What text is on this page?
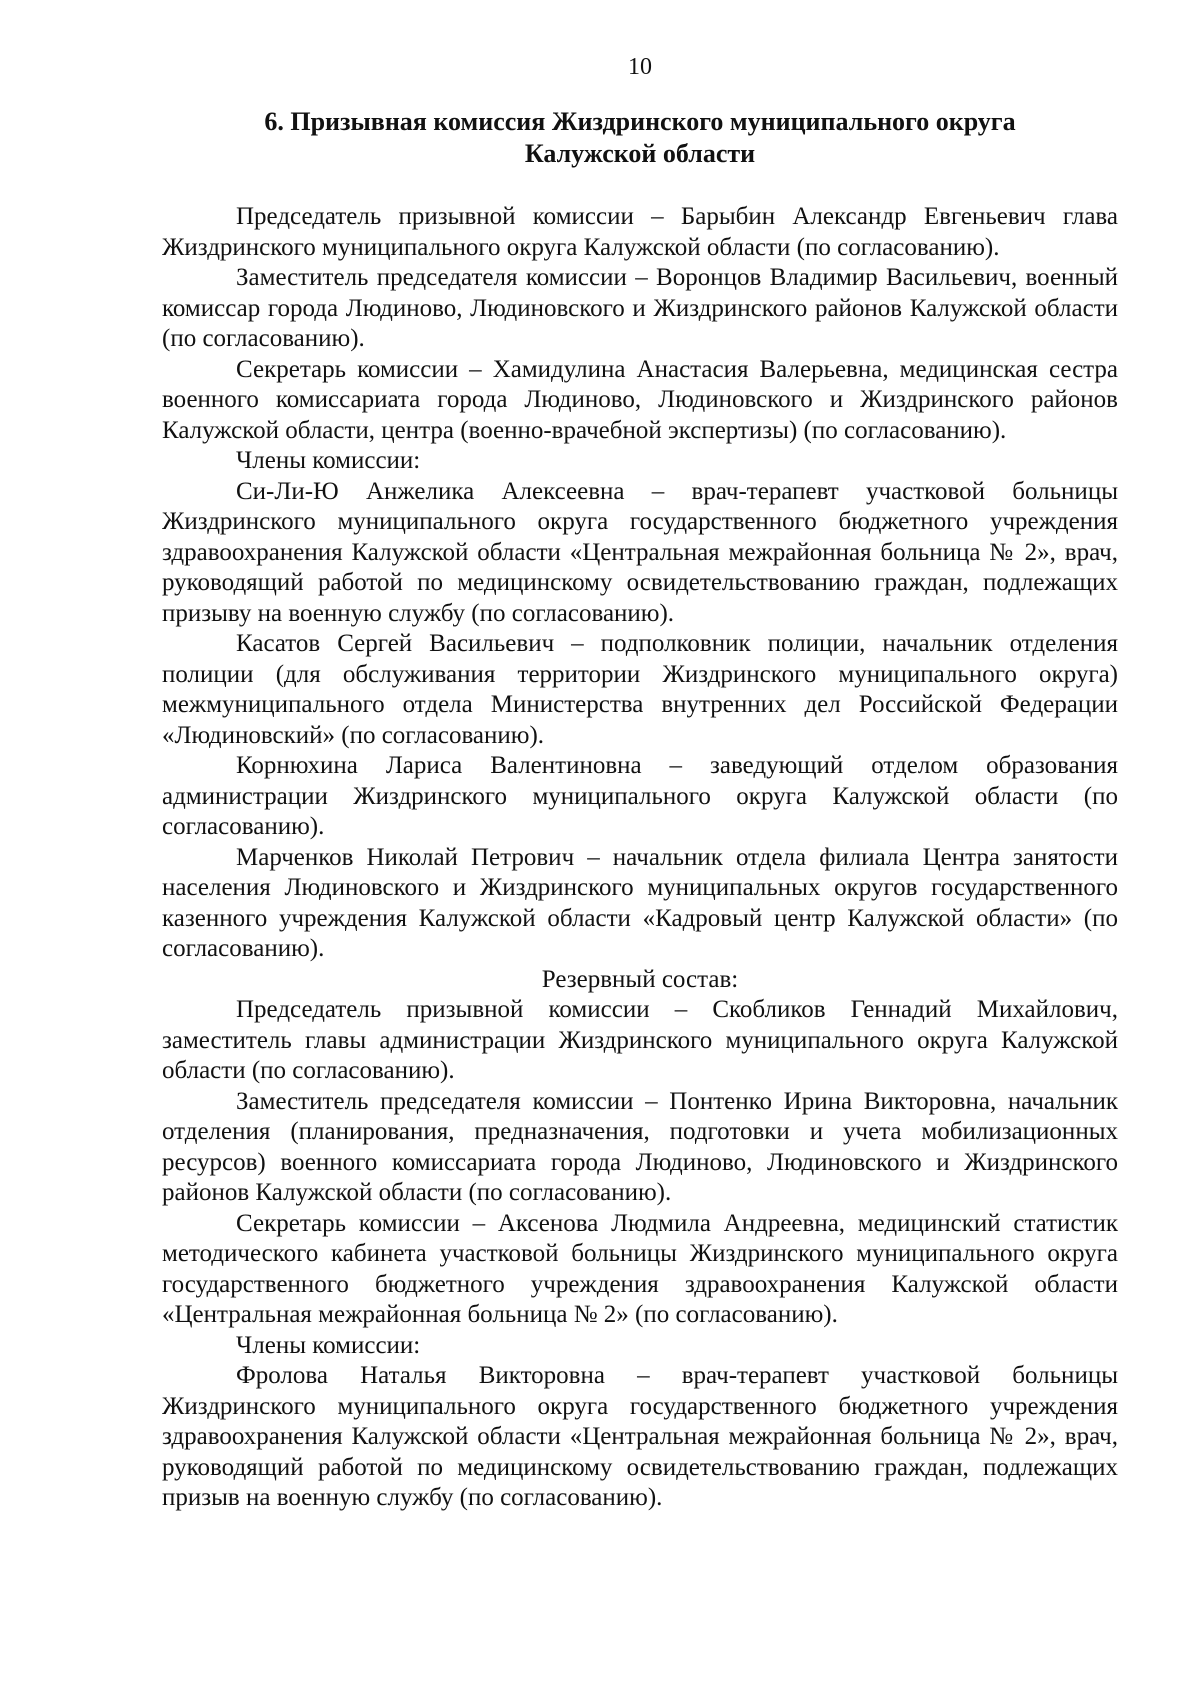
10
6. Призывная комиссия Жиздринского муниципального округа
Калужской области

Председатель призывной комиссии – Барыбин Александр Евгеньевич глава Жиздринского муниципального округа Калужской области (по согласованию).

Заместитель председателя комиссии – Воронцов Владимир Васильевич, военный комиссар города Людиново, Людиновского и Жиздринского районов Калужской области (по согласованию).

Секретарь комиссии – Хамидулина Анастасия Валерьевна, медицинская сестра военного комиссариата города Людиново, Людиновского и Жиздринского районов Калужской области, центра (военно-врачебной экспертизы) (по согласованию).

Члены комиссии:

Си-Ли-Ю Анжелика Алексеевна – врач-терапевт участковой больницы Жиздринского муниципального округа государственного бюджетного учреждения здравоохранения Калужской области «Центральная межрайонная больница № 2», врач, руководящий работой по медицинскому освидетельствованию граждан, подлежащих призыву на военную службу (по согласованию).

Касатов Сергей Васильевич – подполковник полиции, начальник отделения полиции (для обслуживания территории Жиздринского муниципального округа) межмуниципального отдела Министерства внутренних дел Российской Федерации «Людиновский» (по согласованию).

Корнюхина Лариса Валентиновна – заведующий отделом образования администрации Жиздринского муниципального округа Калужской области (по согласованию).

Марченков Николай Петрович – начальник отдела филиала Центра занятости населения Людиновского и Жиздринского муниципальных округов государственного казенного учреждения Калужской области «Кадровый центр Калужской области» (по согласованию).

Резервный состав:

Председатель призывной комиссии – Скобликов Геннадий Михайлович, заместитель главы администрации Жиздринского муниципального округа Калужской области (по согласованию).

Заместитель председателя комиссии – Понтенко Ирина Викторовна, начальник отделения (планирования, предназначения, подготовки и учета мобилизационных ресурсов) военного комиссариата города Людиново, Людиновского и Жиздринского районов Калужской области (по согласованию).

Секретарь комиссии – Аксенова Людмила Андреевна, медицинский статистик методического кабинета участковой больницы Жиздринского муниципального округа государственного бюджетного учреждения здравоохранения Калужской области «Центральная межрайонная больница № 2» (по согласованию).

Члены комиссии:

Фролова Наталья Викторовна – врач-терапевт участковой больницы Жиздринского муниципального округа государственного бюджетного учреждения здравоохранения Калужской области «Центральная межрайонная больница № 2», врач, руководящий работой по медицинскому освидетельствованию граждан, подлежащих призыв на военную службу (по согласованию).
